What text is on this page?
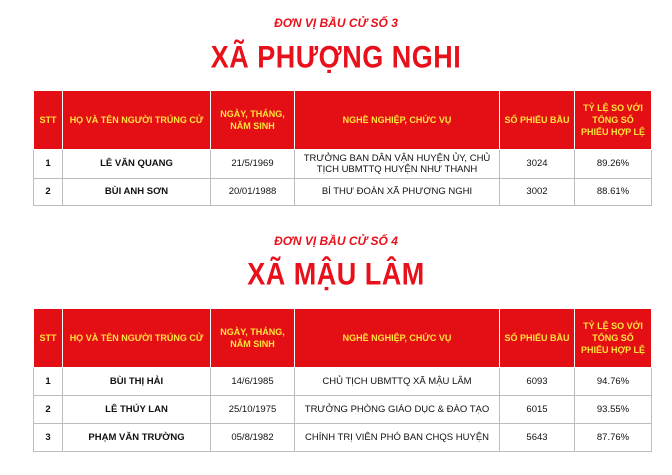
ĐƠN VỊ BẦU CỬ SỐ 3
XÃ PHƯỢNG NGHI
STT	HỌ VÀ TÊN NGƯỜI TRÚNG CỬ	NGÀY, THÁNG, NĂM SINH	NGHỀ NGHIỆP, CHỨC VỤ	SỐ PHIẾU BẦU	TỶ LỆ SO VỚI TỔNG SỐ PHIẾU HỢP LỆ
1	LÊ VĂN QUANG	21/5/1969	TRƯỞNG BAN DÂN VẬN HUYỆN ỦY, CHỦ TỊCH UBMTTQ HUYỆN NHƯ THANH	3024	89.26%
2	BÙI ANH SƠN	20/01/1988	BÍ THƯ ĐOÀN XÃ PHƯỢNG NGHI	3002	88.61%
ĐƠN VỊ BẦU CỬ SỐ 4
XÃ MẬU LÂM
STT	HỌ VÀ TÊN NGƯỜI TRÚNG CỬ	NGÀY, THÁNG, NĂM SINH	NGHỀ NGHIỆP, CHỨC VỤ	SỐ PHIẾU BẦU	TỶ LỆ SO VỚI TỔNG SỐ PHIẾU HỢP LỆ
1	BÙI THỊ HẢI	14/6/1985	CHỦ TỊCH UBMTTQ XÃ MẬU LÂM	6093	94.76%
2	LÊ THÚY LAN	25/10/1975	TRƯỞNG PHÒNG GIÁO DỤC & ĐÀO TẠO	6015	93.55%
3	PHẠM VĂN TRƯỜNG	05/8/1982	CHÍNH TRỊ VIÊN PHÓ BAN CHQS HUYỆN	5643	87.76%
